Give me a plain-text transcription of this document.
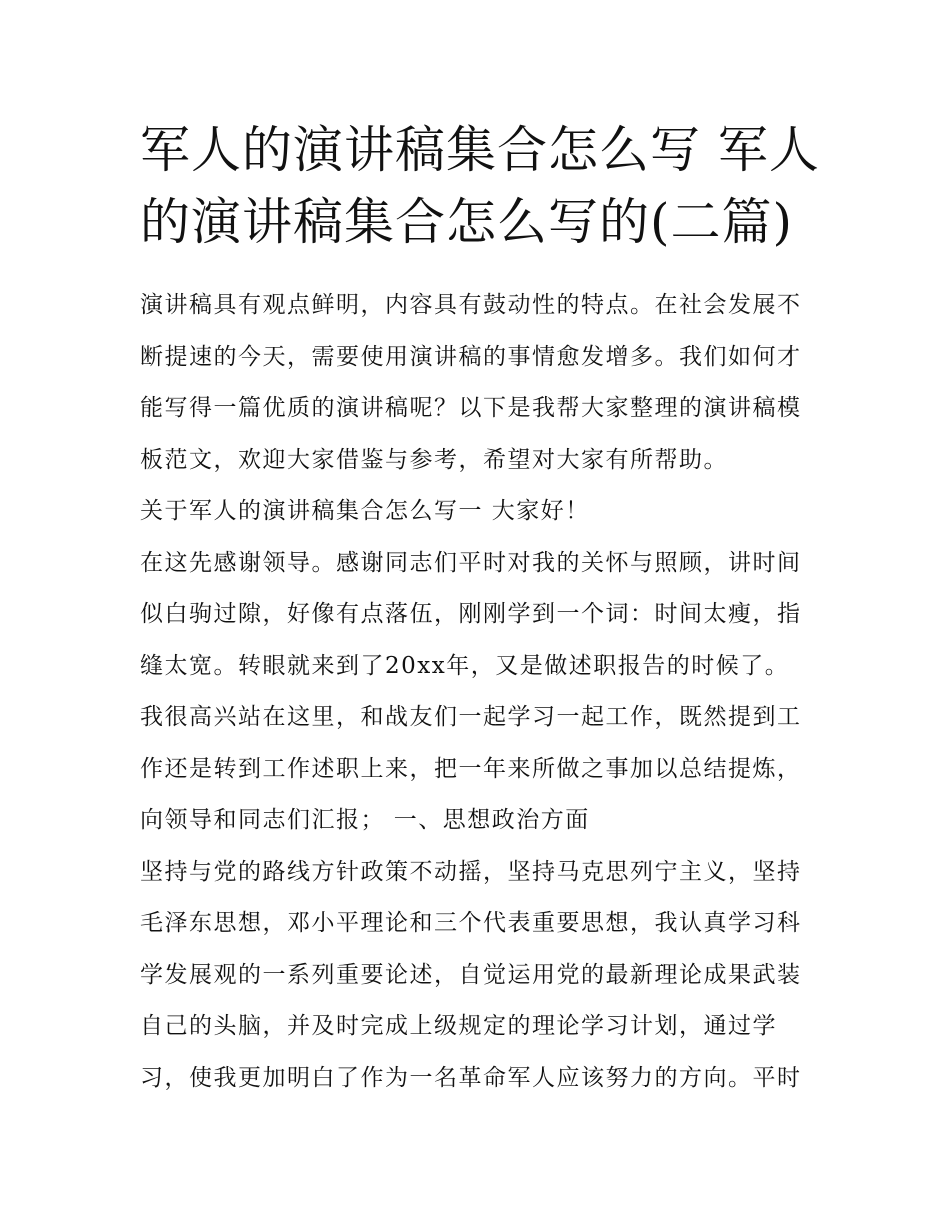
军人的演讲稿集合怎么写 军人
的演讲稿集合怎么写的(二篇)
演讲稿具有观点鲜明，内容具有鼓动性的特点。在社会发展不
断提速的今天，需要使用演讲稿的事情愈发增多。我们如何才
能写得一篇优质的演讲稿呢？以下是我帮大家整理的演讲稿模
板范文，欢迎大家借鉴与参考，希望对大家有所帮助。
关于军人的演讲稿集合怎么写一 大家好！
在这先感谢领导。感谢同志们平时对我的关怀与照顾，讲时间
似白驹过隙，好像有点落伍，刚刚学到一个词：时间太瘦，指
缝太宽。转眼就来到了20xx年，又是做述职报告的时候了。
我很高兴站在这里，和战友们一起学习一起工作，既然提到工
作还是转到工作述职上来，把一年来所做之事加以总结提炼，
向领导和同志们汇报； 一、思想政治方面
坚持与党的路线方针政策不动摇，坚持马克思列宁主义，坚持
毛泽东思想，邓小平理论和三个代表重要思想，我认真学习科
学发展观的一系列重要论述，自觉运用党的最新理论成果武装
自己的头脑，并及时完成上级规定的理论学习计划，通过学
习，使我更加明白了作为一名革命军人应该努力的方向。平时
